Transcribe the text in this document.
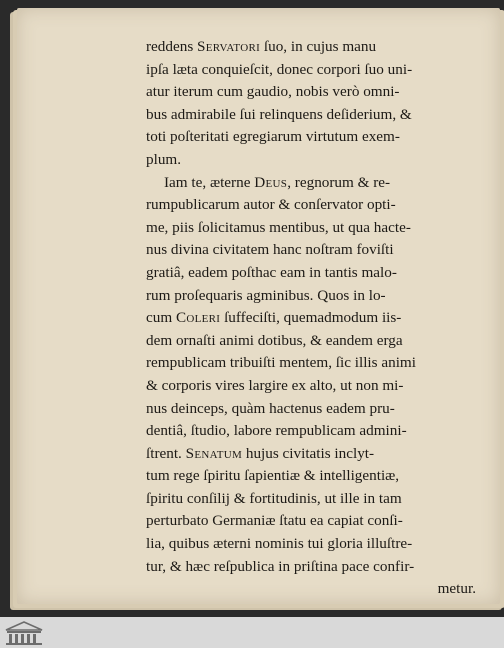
reddens Servatori ſuo, in cujus manu
ipſa læta conquieſcit, donec corpori ſuo uni-
atur iterum cum gaudio, nobis verò omni-
bus admirabile ſui relinquens deſiderium, &
toti poſteritati egregiarum virtutum exem-
plum.
Iam te, æterne Deus, regnorum & re-
rumpublicarum autor & conſervator opti-
me, piis ſolicitamus mentibus, ut qua hacte-
nus divina civitatem hanc noſtram foviſti
gratiâ, eadem poſthac eam in tantis malo-
rum proſequaris agminibus. Quos in lo-
cum Coleri ſuffeciſti, quemadmodum iis-
dem ornaſti animi dotibus, & eandem erga
rempublicam tribuiſti mentem, ſic illis animi
& corporis vires largire ex alto, ut non mi-
nus deinceps, quàm hactenus eadem pru-
dentiâ, ſtudio, labore rempublicam admini-
ſtrent. Senatum hujus civitatis inclyt-
tum rege ſpiritu ſapientiæ & intelligentiæ,
ſpiritu conſilij & fortitudinis, ut ille in tam
perturbato Germaniæ ſtatu ea capiat conſi-
lia, quibus æterni nominis tui gloria illuſtre-
tur, & hæc reſpublica in priſtina pace confir-
metur.
